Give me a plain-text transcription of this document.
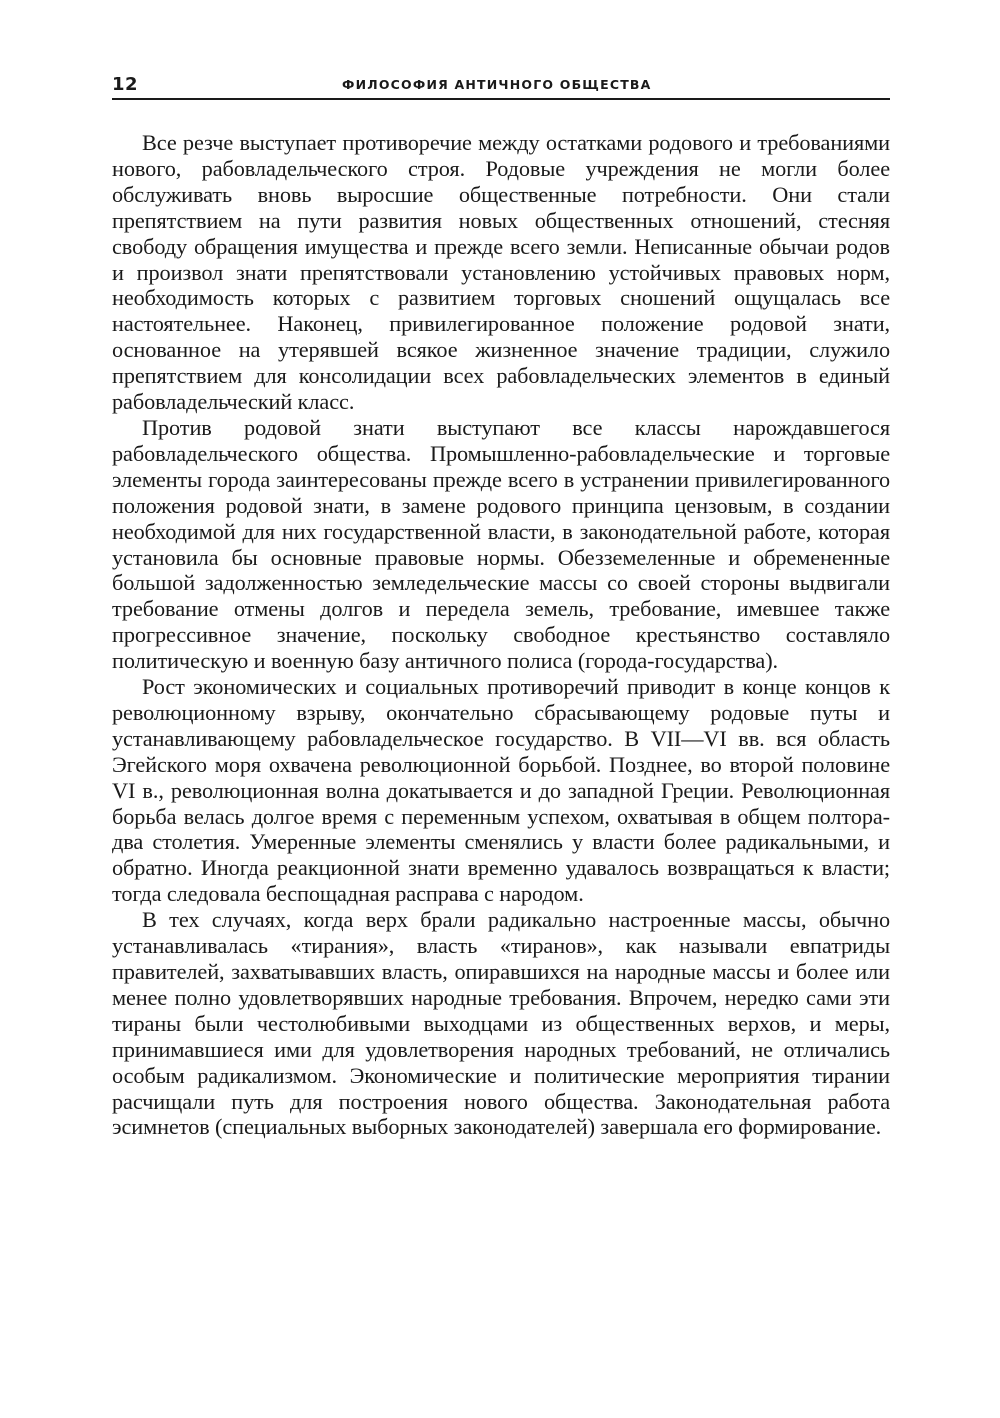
12	ФИЛОСОФИЯ АНТИЧНОГО ОБЩЕСТВА

Все резче выступает противоречие между остатками родового и требованиями нового, рабовладельческого строя. Родовые учреждения не могли более обслуживать вновь выросшие общественные потребности. Они стали препятствием на пути развития новых общественных отношений, стесняя свободу обращения имущества и прежде всего земли. Неписанные обычаи родов и произвол знати препятствовали установлению устойчивых правовых норм, необходимость которых с развитием торговых сношений ощущалась все настоятельнее. Наконец, привилегированное положение родовой знати, основанное на утерявшей всякое жизненное значение традиции, служило препятствием для консолидации всех рабовладельческих элементов в единый рабовладельческий класс.

Против родовой знати выступают все классы нарождавшегося рабовладельческого общества. Промышленно-рабовладельческие и торговые элементы города заинтересованы прежде всего в устранении привилегированного положения родовой знати, в замене родового принципа цензовым, в создании необходимой для них государственной власти, в законодательной работе, которая установила бы основные правовые нормы. Обезземеленные и обремененные большой задолженностью земледельческие массы со своей стороны выдвигали требование отмены долгов и передела земель, требование, имевшее также прогрессивное значение, поскольку свободное крестьянство составляло политическую и военную базу античного полиса (города-государства).

Рост экономических и социальных противоречий приводит в конце концов к революционному взрыву, окончательно сбрасывающему родовые путы и устанавливающему рабовладельческое государство. В VII—VI вв. вся область Эгейского моря охвачена революционной борьбой. Позднее, во второй половине VI в., революционная волна докатывается и до западной Греции. Революционная борьба велась долгое время с переменным успехом, охватывая в общем полтора-два столетия. Умеренные элементы сменялись у власти более радикальными, и обратно. Иногда реакционной знати временно удавалось возвращаться к власти; тогда следовала беспощадная расправа с народом.

В тех случаях, когда верх брали радикально настроенные массы, обычно устанавливалась «тирания», власть «тиранов», как называли евпатриды правителей, захватывавших власть, опиравшихся на народные массы и более или менее полно удовлетворявших народные требования. Впрочем, нередко сами эти тираны были честолюбивыми выходцами из общественных верхов, и меры, принимавшиеся ими для удовлетворения народных требований, не отличались особым радикализмом. Экономические и политические мероприятия тирании расчищали путь для построения нового общества. Законодательная работа эсимнетов (специальных выборных законодателей) завершала его формирование.
